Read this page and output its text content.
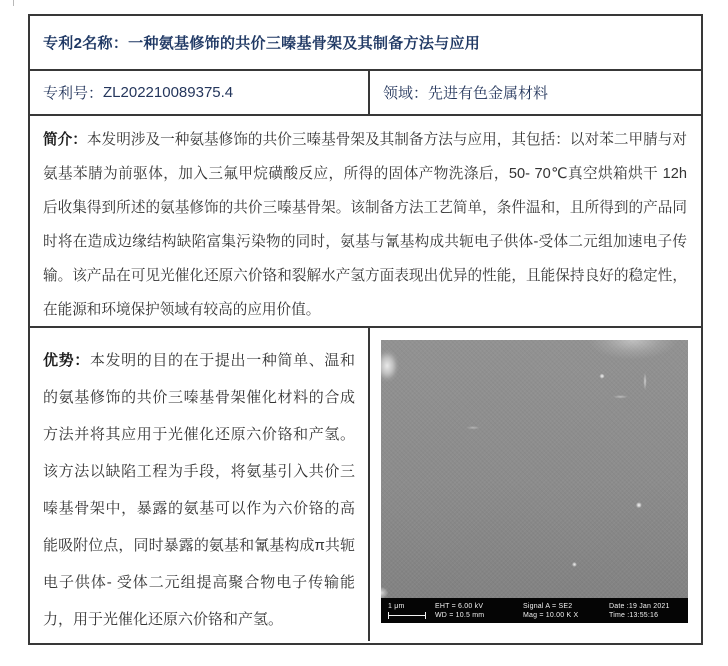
专利2名称： 一种氨基修饰的共价三嗪基骨架及其制备方法与应用
专利号： ZL202210089375.4	领域： 先进有色金属材料
简介：本发明涉及一种氨基修饰的共价三嗪基骨架及其制备方法与应用，其包括：以对苯二甲腈与对氨基苯腈为前驱体，加入三氟甲烷磺酸反应，所得的固体产物洗涤后，50- 70℃真空烘箱烘干 12h 后收集得到所述的氨基修饰的共价三嗪基骨架。该制备方法工艺简单，条件温和，且所得到的产品同时将在造成边缘结构缺陷富集污染物的同时，氨基与氰基构成共轭电子供体-受体二元组加速电子传输。该产品在可见光催化还原六价铬和裂解水产氢方面表现出优异的性能，且能保持良好的稳定性，在能源和环境保护领域有较高的应用价值。
优势：本发明的目的在于提出一种简单、温和的氨基修饰的共价三嗪基骨架催化材料的合成方法并将其应用于光催化还原六价铬和产氢。该方法以缺陷工程为手段，将氨基引入共价三嗪基骨架中，暴露的氨基可以作为六价铬的高能吸附位点，同时暴露的氨基和氰基构成π共轭电子供体- 受体二元组提高聚合物电子传输能力，用于光催化还原六价铬和产氢。
1 μm	EHT = 6.00 kV
WD = 10.5 mm
Signal A = SE2
Mag = 10.00 K X
Date :19 Jan 2021
Time :13:55:16
